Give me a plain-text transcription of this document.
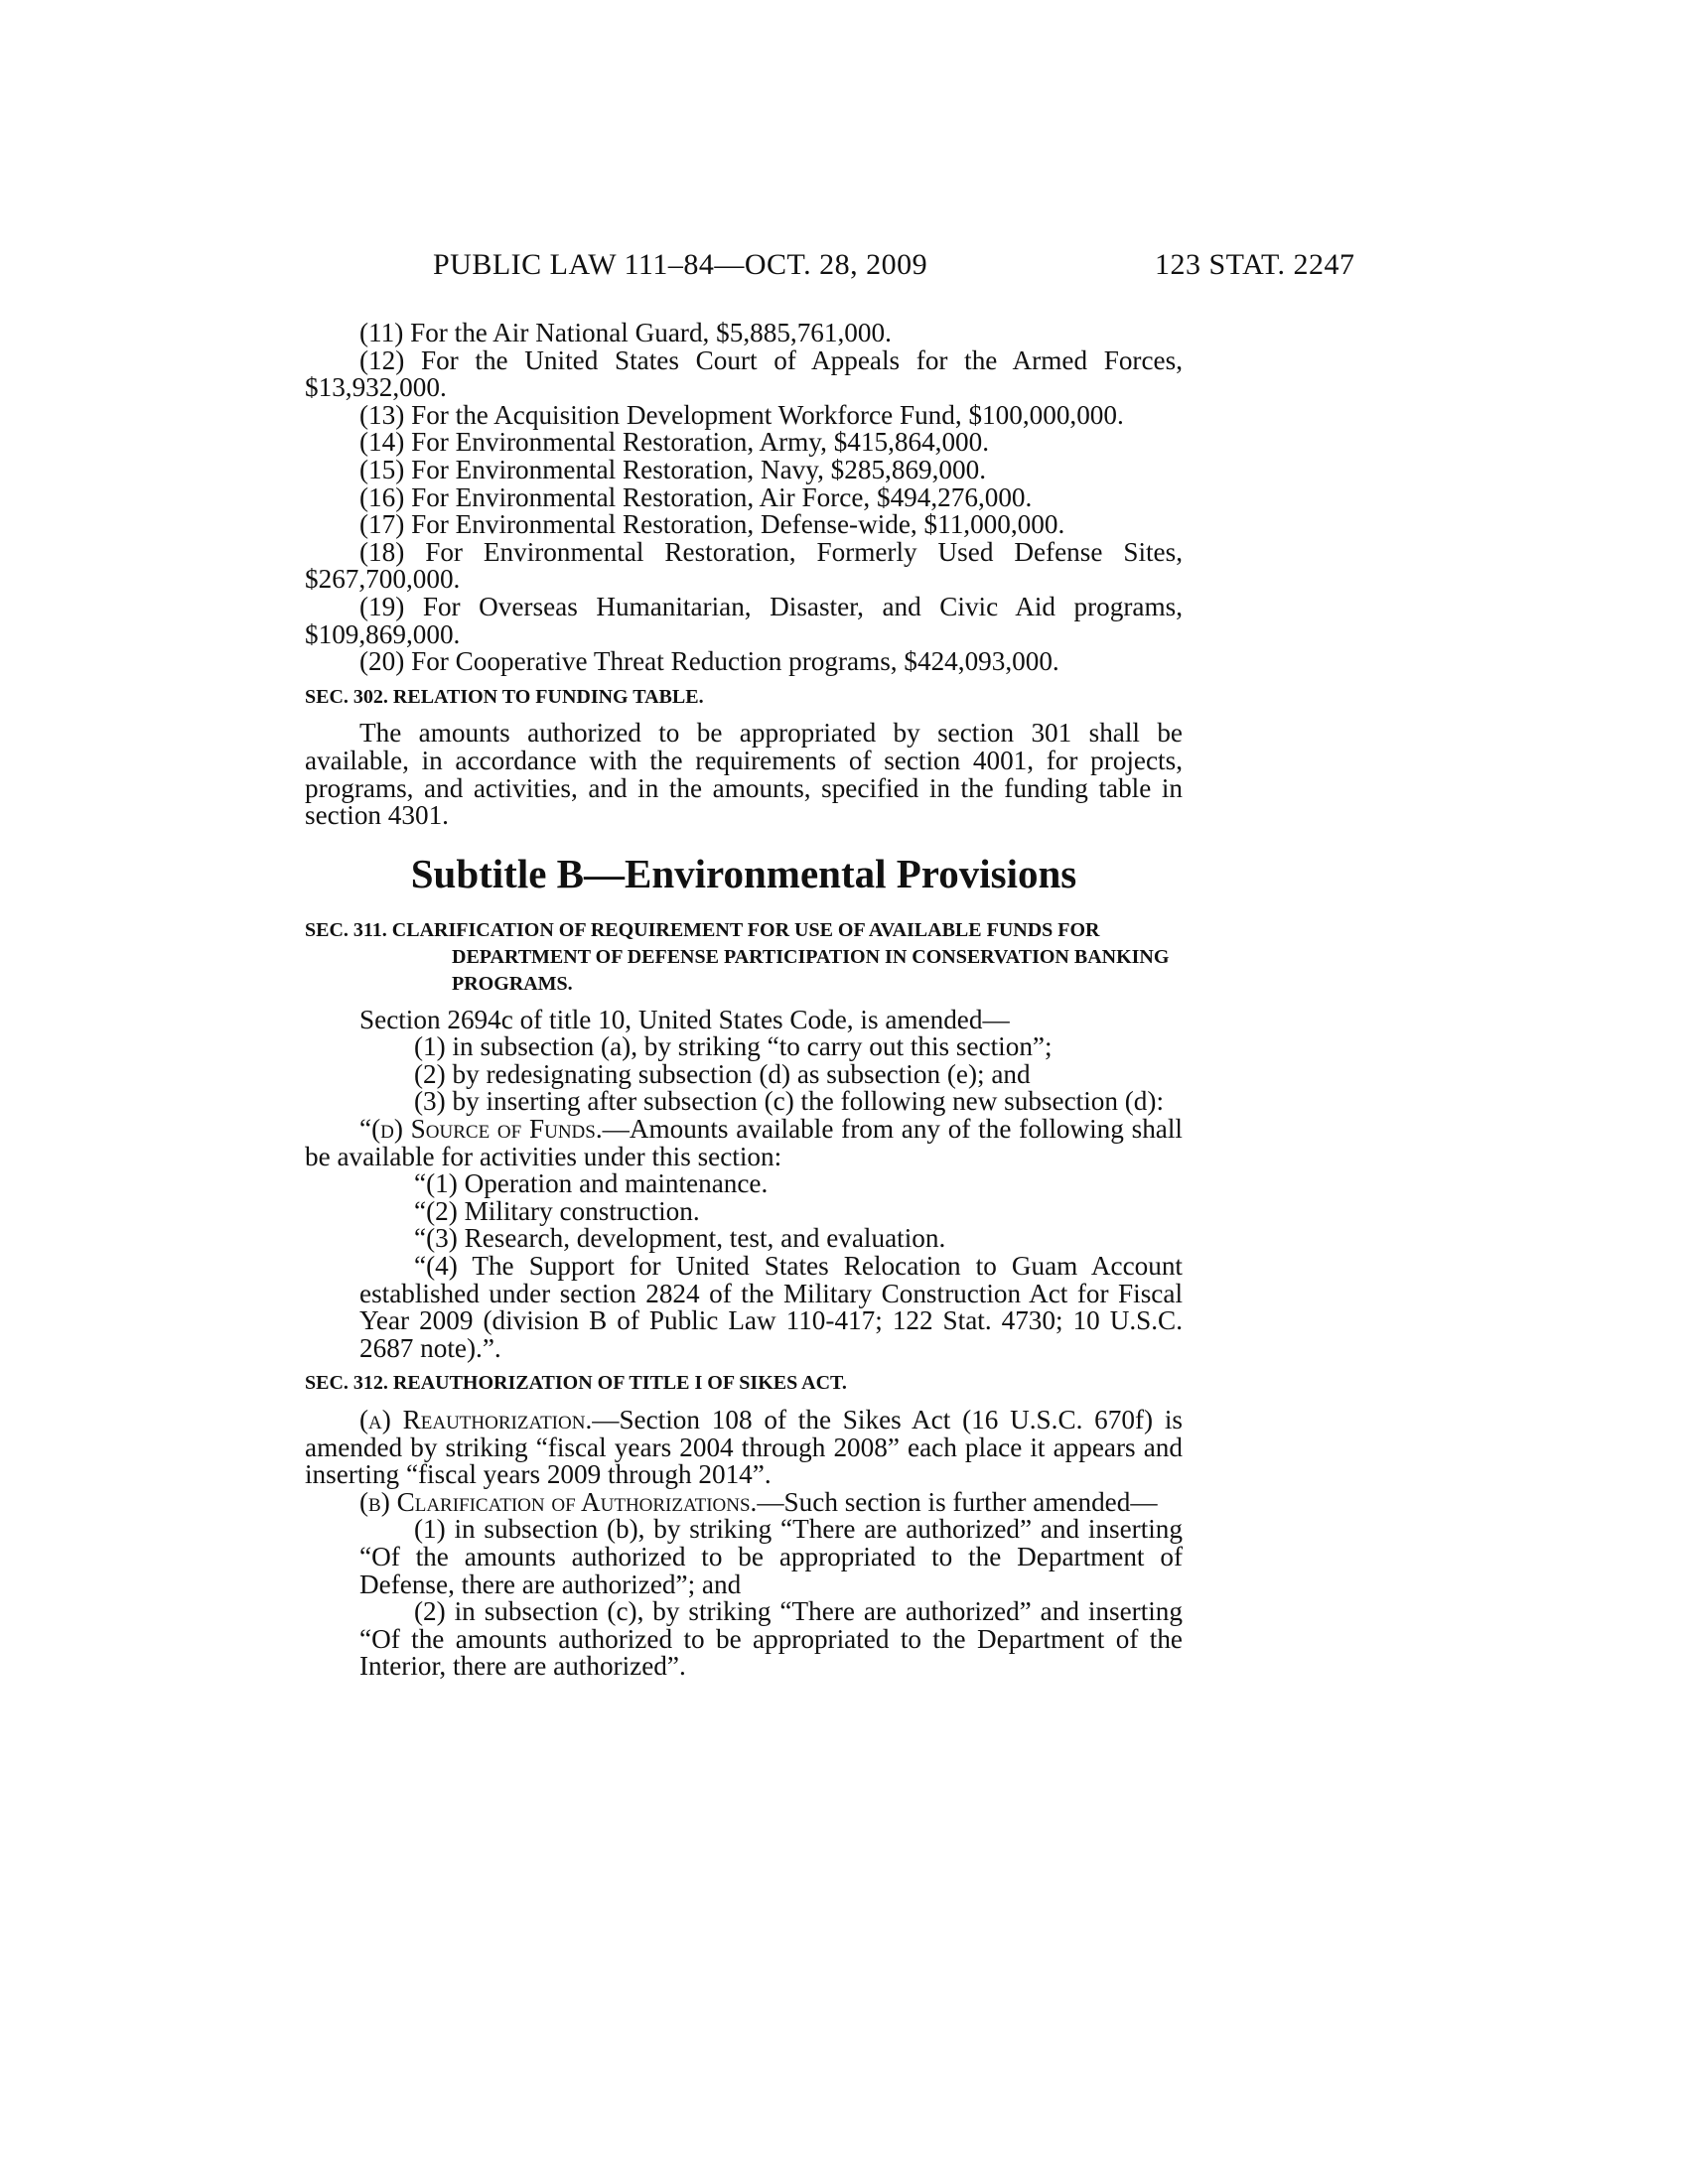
PUBLIC LAW 111–84—OCT. 28, 2009	123 STAT. 2247

(11) For the Air National Guard, $5,885,761,000.

(12) For the United States Court of Appeals for the Armed Forces, $13,932,000.

(13) For the Acquisition Development Workforce Fund, $100,000,000.

(14) For Environmental Restoration, Army, $415,864,000.

(15) For Environmental Restoration, Navy, $285,869,000.

(16) For Environmental Restoration, Air Force, $494,276,000.

(17) For Environmental Restoration, Defense-wide, $11,000,000.

(18) For Environmental Restoration, Formerly Used Defense Sites, $267,700,000.

(19) For Overseas Humanitarian, Disaster, and Civic Aid programs, $109,869,000.

(20) For Cooperative Threat Reduction programs, $424,093,000.

SEC. 302. RELATION TO FUNDING TABLE.

The amounts authorized to be appropriated by section 301 shall be available, in accordance with the requirements of section 4001, for projects, programs, and activities, and in the amounts, specified in the funding table in section 4301.

Subtitle B—Environmental Provisions

SEC. 311. CLARIFICATION OF REQUIREMENT FOR USE OF AVAILABLE FUNDS FOR DEPARTMENT OF DEFENSE PARTICIPATION IN CONSERVATION BANKING PROGRAMS.

Section 2694c of title 10, United States Code, is amended—

(1) in subsection (a), by striking “to carry out this section”;

(2) by redesignating subsection (d) as subsection (e); and

(3) by inserting after subsection (c) the following new subsection (d):

“(d) Source of Funds.—Amounts available from any of the following shall be available for activities under this section:

“(1) Operation and maintenance.

“(2) Military construction.

“(3) Research, development, test, and evaluation.

“(4) The Support for United States Relocation to Guam Account established under section 2824 of the Military Construction Act for Fiscal Year 2009 (division B of Public Law 110-417; 122 Stat. 4730; 10 U.S.C. 2687 note).”.

SEC. 312. REAUTHORIZATION OF TITLE I OF SIKES ACT.

(a) Reauthorization.—Section 108 of the Sikes Act (16 U.S.C. 670f) is amended by striking “fiscal years 2004 through 2008” each place it appears and inserting “fiscal years 2009 through 2014”.

(b) Clarification of Authorizations.—Such section is further amended—

(1) in subsection (b), by striking “There are authorized” and inserting “Of the amounts authorized to be appropriated to the Department of Defense, there are authorized”; and

(2) in subsection (c), by striking “There are authorized” and inserting “Of the amounts authorized to be appropriated to the Department of the Interior, there are authorized”.
